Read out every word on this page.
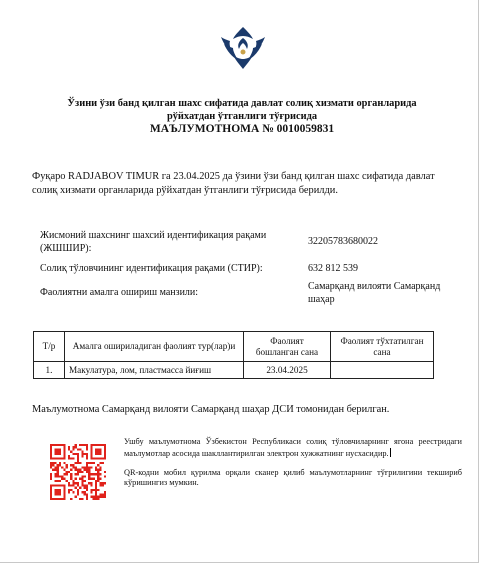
Ўзини ўзи банд қилган шахс сифатида давлат солиқ хизмати органларида
рўйхатдан ўтганлиги тўғрисида
МАЪЛУМОТНОМА № 0010059831
Фуқаро RADJABOV TIMUR га 23.04.2025 да ўзини ўзи банд қилган шахс сифатида давлат солиқ хизмати органларида рўйхатдан ўтганлиги тўғрисида берилди.
Жисмоний шахснинг шахсий идентификация рақами (ЖШШИР):
32205783680022
Солиқ тўловчининг идентификация рақами (СТИР):	632 812 539
Фаолиятни амалга ошириш манзили:
Самарқанд вилояти Самарқанд шаҳар
Т/р	Амалга ошириладиган фаолият тур(лар)и	Фаолият бошланган сана	Фаолият тўхтатилган сана
1.	Макулатура, лом, пластмасса йиғиш	23.04.2025	
Маълумотнома Самарқанд вилояти Самарқанд шаҳар ДСИ томонидан берилган.
Ушбу маълумотнома Ўзбекистон Республикаси солиқ тўловчиларнинг ягона реестридаги маълумотлар асосида шакллантирилган электрон хужжатнинг нусхасидир.
QR-кодни мобил қурилма орқали сканер қилиб маълумотларнинг тўғрилигини текшириб кўришингиз мумкин.
